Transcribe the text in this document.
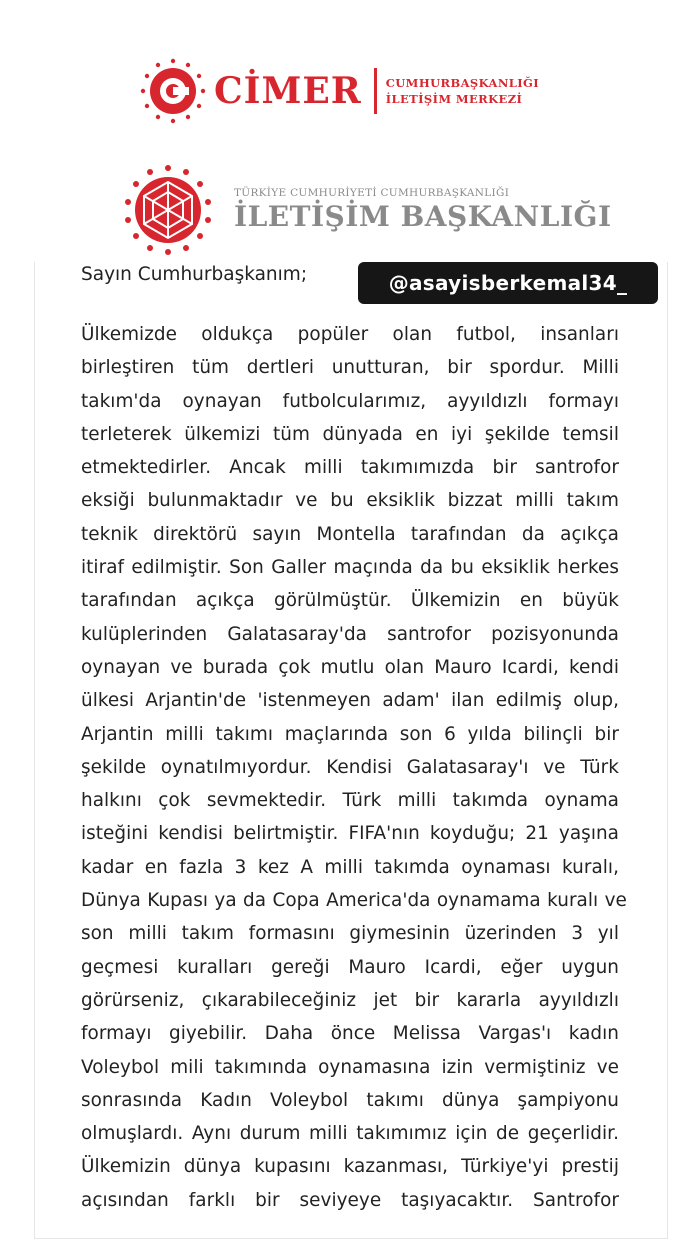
CİMER CUMHURBAŞKANLIĞI
İLETİŞİM MERKEZİ
TÜRKİYE CUMHURİYETİ CUMHURBAŞKANLIĞI
İLETİŞİM BAŞKANLIĞI
Sayın Cumhurbaşkanım;
Ülkemizde oldukça popüler olan futbol, insanları
birleştiren tüm dertleri unutturan, bir spordur. Milli
takım'da oynayan futbolcularımız, ayyıldızlı formayı
terleterek ülkemizi tüm dünyada en iyi şekilde temsil
etmektedirler. Ancak milli takımımızda bir santrofor
eksiği bulunmaktadır ve bu eksiklik bizzat milli takım
teknik direktörü sayın Montella tarafından da açıkça
itiraf edilmiştir. Son Galler maçında da bu eksiklik herkes
tarafından açıkça görülmüştür. Ülkemizin en büyük
kulüplerinden Galatasaray'da santrofor pozisyonunda
oynayan ve burada çok mutlu olan Mauro Icardi, kendi
ülkesi Arjantin'de 'istenmeyen adam' ilan edilmiş olup,
Arjantin milli takımı maçlarında son 6 yılda bilinçli bir
şekilde oynatılmıyordur. Kendisi Galatasaray'ı ve Türk
halkını çok sevmektedir. Türk milli takımda oynama
isteğini kendisi belirtmiştir. FIFA'nın koyduğu; 21 yaşına
kadar en fazla 3 kez A milli takımda oynaması kuralı,
Dünya Kupası ya da Copa America'da oynamama kuralı ve
son milli takım formasını giymesinin üzerinden 3 yıl
geçmesi kuralları gereği Mauro Icardi, eğer uygun
görürseniz, çıkarabileceğiniz jet bir kararla ayyıldızlı
formayı giyebilir. Daha önce Melissa Vargas'ı kadın
Voleybol mili takımında oynamasına izin vermiştiniz ve
sonrasında Kadın Voleybol takımı dünya şampiyonu
olmuşlardı. Aynı durum milli takımımız için de geçerlidir.
Ülkemizin dünya kupasını kazanması, Türkiye'yi prestij
açısından farklı bir seviyeye taşıyacaktır. Santrofor
@asayisberkemal34_
